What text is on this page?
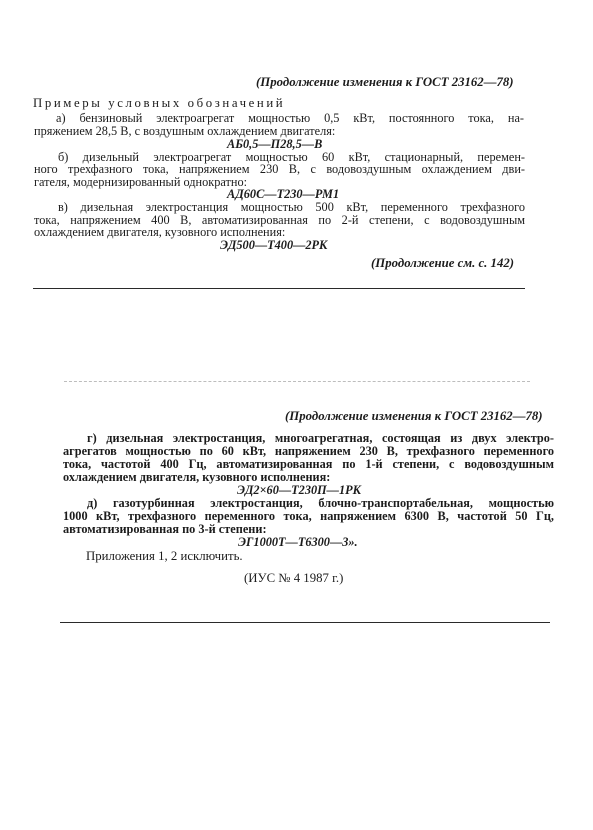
(Продолжение изменения к ГОСТ 23162—78)
Примеры условных обозначений
а) бензиновый электроагрегат мощностью 0,5 кВт, постоянного тока, на-
пряжением 28,5 В, с воздушным охлаждением двигателя:
АБ0,5—П28,5—В
б) дизельный электроагрегат мощностью 60 кВт, стационарный, перемен-
ного трехфазного тока, напряжением 230 В, с водовоздушным охлаждением дви-
гателя, модернизированный однократно:
АД60С—Т230—РМ1
в) дизельная электростанция мощностью 500 кВт, переменного трехфазного
тока, напряжением 400 В, автоматизированная по 2-й степени, с водовоздушным
охлаждением двигателя, кузовного исполнения:
ЭД500—Т400—2РК
(Продолжение см. с. 142)
(Продолжение изменения к ГОСТ 23162—78)
г) дизельная электростанция, многоагрегатная, состоящая из двух электро-
агрегатов мощностью по 60 кВт, напряжением 230 В, трехфазного переменного
тока, частотой 400 Гц, автоматизированная по 1-й степени, с водовоздушным
охлаждением двигателя, кузовного исполнения:
ЭД2×60—Т230П—1РК
д) газотурбинная электростанция, блочно-транспортабельная, мощностью
1000 кВт, трехфазного переменного тока, напряжением 6300 В, частотой 50 Гц,
автоматизированная по 3-й степени:
ЭГ1000Т—Т6300—3».
Приложения 1, 2 исключить.
(ИУС № 4 1987 г.)
